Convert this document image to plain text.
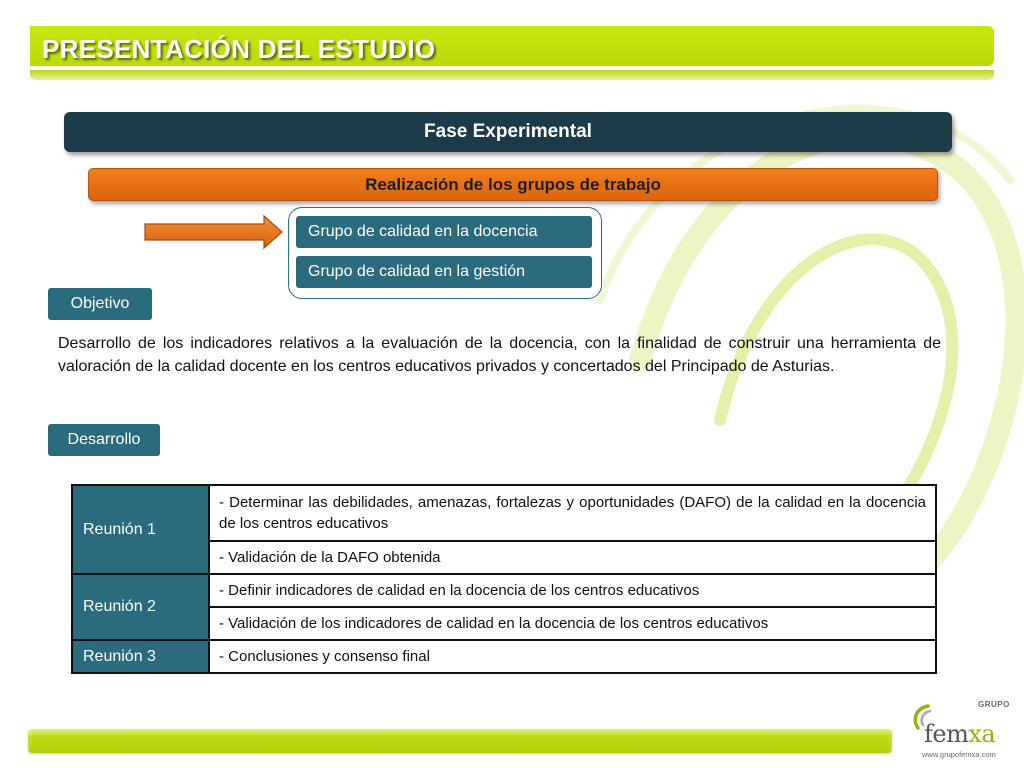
PRESENTACIÓN DEL ESTUDIO
Fase Experimental
Realización de los grupos de trabajo
Grupo de calidad en la docencia
Grupo de calidad en la gestión
Objetivo
Desarrollo de los indicadores relativos a la evaluación de la docencia, con la finalidad de construir una herramienta de valoración de la calidad docente en los centros educativos privados y concertados del Principado de Asturias.
Desarrollo
Reunión 1	- Determinar las debilidades, amenazas, fortalezas y oportunidades (DAFO) de la calidad en la docencia de los centros educativos
	- Validación de la DAFO obtenida
Reunión 2	- Definir indicadores de calidad en la docencia de los centros educativos
	- Validación de los indicadores de calidad en la docencia de los centros educativos
Reunión 3	- Conclusiones y consenso final
GRUPO
femxa
www.grupofemxa.com
